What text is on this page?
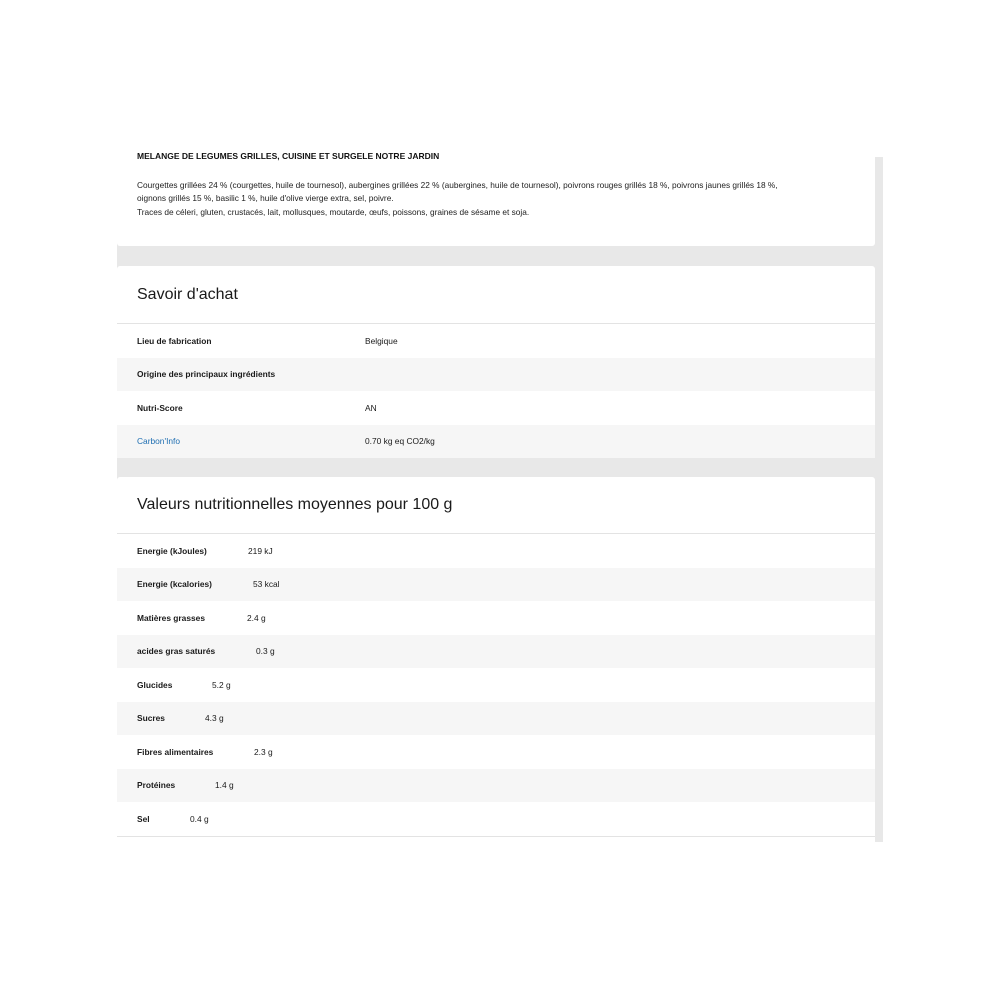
MELANGE DE LEGUMES GRILLES, CUISINE ET SURGELE NOTRE JARDIN
Courgettes grillées 24 % (courgettes, huile de tournesol), aubergines grillées 22 % (aubergines, huile de tournesol), poivrons rouges grillés 18 %, poivrons jaunes grillés 18 %,
oignons grillés 15 %, basilic 1 %, huile d'olive vierge extra, sel, poivre.
Traces de céleri, gluten, crustacés, lait, mollusques, moutarde, œufs, poissons, graines de sésame et soja.
Savoir d'achat
Lieu de fabrication	Belgique
Origine des principaux ingrédients
Nutri-Score	AN
Carbon'Info	0.70 kg eq CO2/kg
Valeurs nutritionnelles moyennes pour 100 g
Energie (kJoules)	219 kJ
Energie (kcalories)	53 kcal
Matières grasses	2.4 g
acides gras saturés	0.3 g
Glucides	5.2 g
Sucres	4.3 g
Fibres alimentaires	2.3 g
Protéines	1.4 g
Sel	0.4 g
